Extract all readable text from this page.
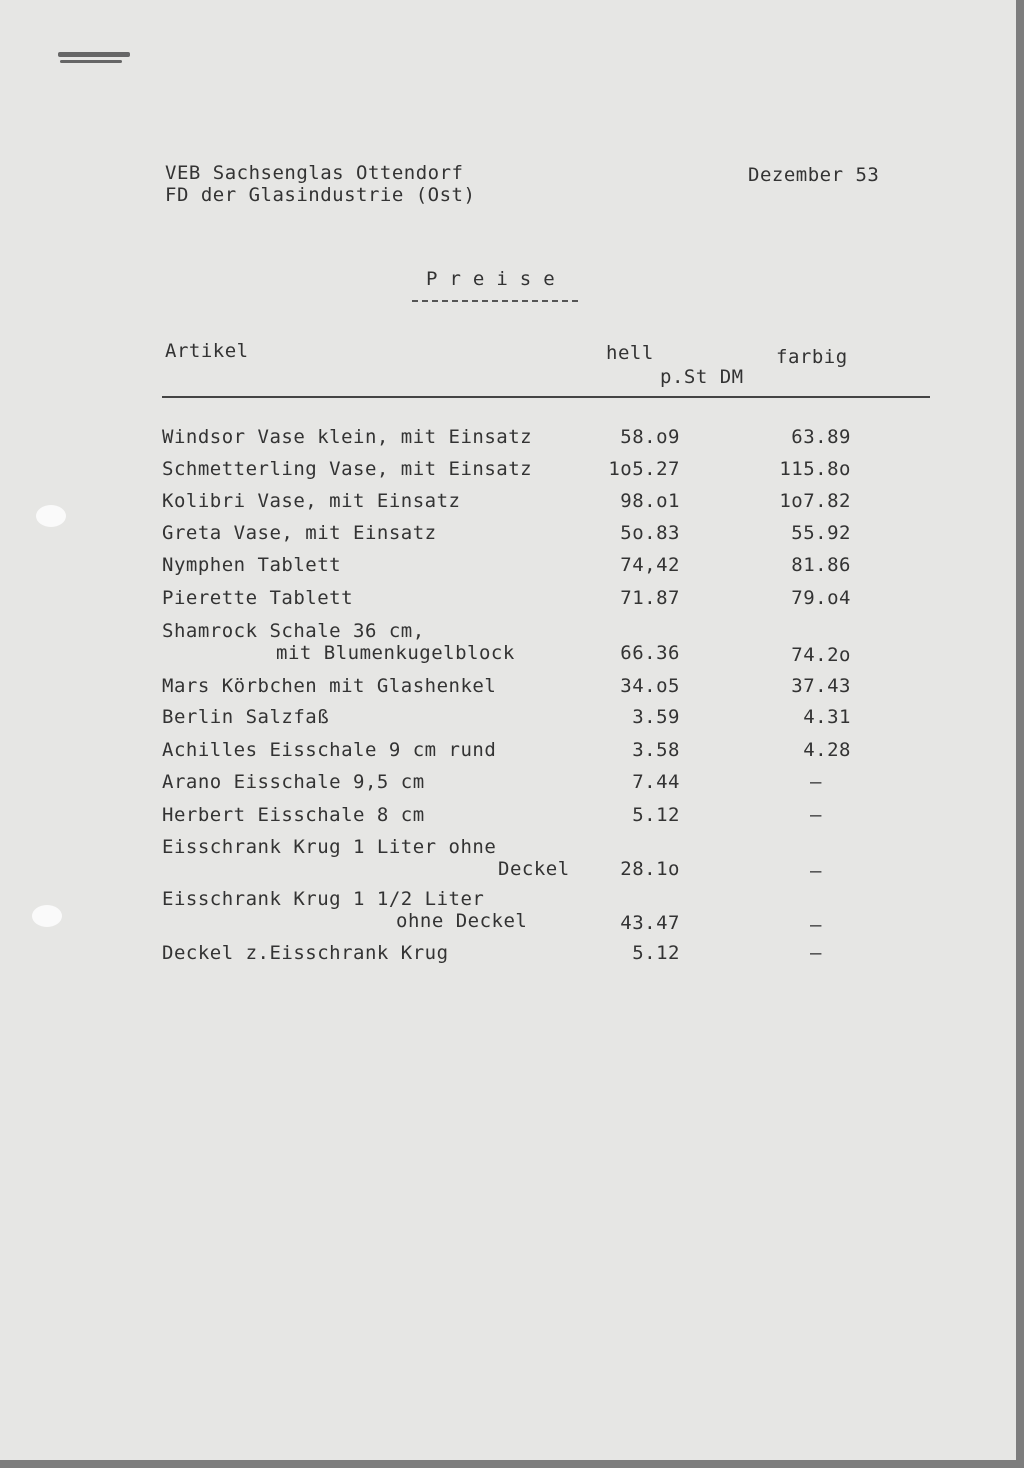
VEB Sachsenglas Ottendorf
FD der Glasindustrie (Ost)
Dezember 53
Preise
Artikel	hell	farbig
p.St DM
Windsor Vase klein, mit Einsatz	58.o9	63.89
Schmetterling Vase, mit Einsatz	1o5.27	115.8o
Kolibri Vase, mit Einsatz	98.o1	1o7.82
Greta Vase, mit Einsatz	5o.83	55.92
Nymphen Tablett	74,42	81.86
Pierette Tablett	71.87	79.o4
Shamrock Schale 36 cm,
mit Blumenkugelblock	66.36	74.2o
Mars Körbchen mit Glashenkel	34.o5	37.43
Berlin Salzfaß	3.59	4.31
Achilles Eisschale 9 cm rund	3.58	4.28
Arano Eisschale 9,5 cm	7.44	–
Herbert Eisschale 8 cm	5.12	–
Eisschrank Krug 1 Liter ohne
Deckel	28.1o	–
Eisschrank Krug 1 1/2 Liter
ohne Deckel	43.47	–
Deckel z.Eisschrank Krug	5.12	–
